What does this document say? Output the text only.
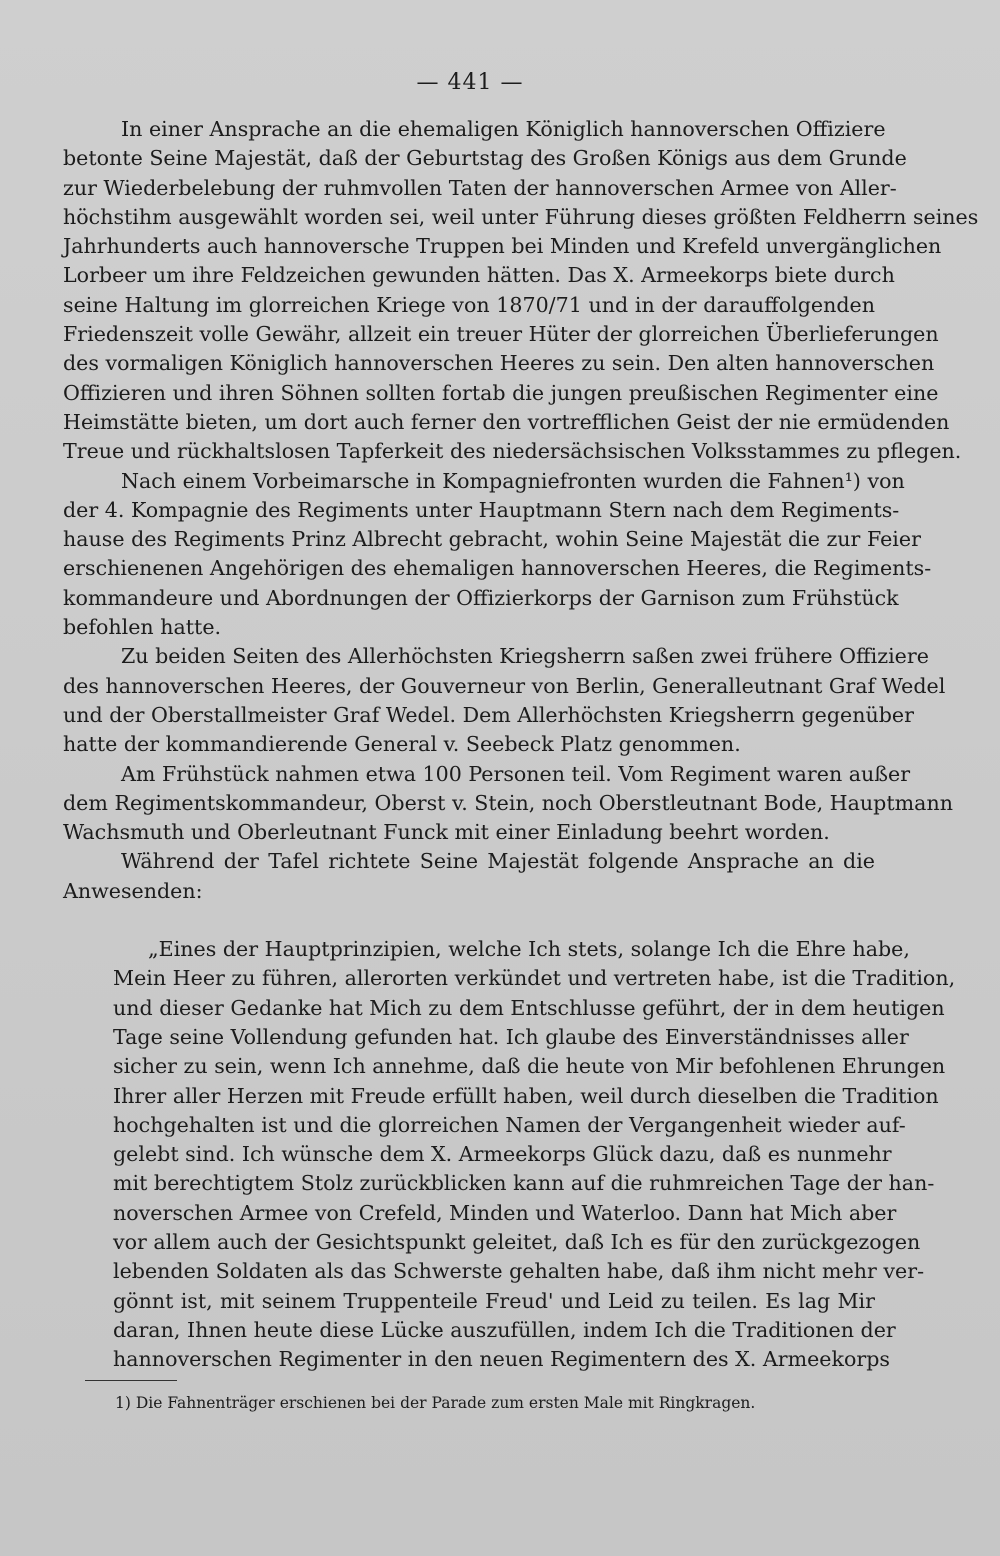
— 441 —

In einer Ansprache an die ehemaligen Königlich hannoverschen Offiziere
betonte Seine Majestät, daß der Geburtstag des Großen Königs aus dem Grunde
zur Wiederbelebung der ruhmvollen Taten der hannoverschen Armee von Aller-
höchstihm ausgewählt worden sei, weil unter Führung dieses größten Feldherrn seines
Jahrhunderts auch hannoversche Truppen bei Minden und Krefeld unvergänglichen
Lorbeer um ihre Feldzeichen gewunden hätten. Das X. Armeekorps biete durch
seine Haltung im glorreichen Kriege von 1870/71 und in der darauffolgenden
Friedenszeit volle Gewähr, allzeit ein treuer Hüter der glorreichen Überlieferungen
des vormaligen Königlich hannoverschen Heeres zu sein. Den alten hannoverschen
Offizieren und ihren Söhnen sollten fortab die jungen preußischen Regimenter eine
Heimstätte bieten, um dort auch ferner den vortrefflichen Geist der nie ermüdenden
Treue und rückhaltslosen Tapferkeit des niedersächsischen Volksstammes zu pflegen.

Nach einem Vorbeimarsche in Kompagniefronten wurden die Fahnen¹) von
der 4. Kompagnie des Regiments unter Hauptmann Stern nach dem Regiments-
hause des Regiments Prinz Albrecht gebracht, wohin Seine Majestät die zur Feier
erschienenen Angehörigen des ehemaligen hannoverschen Heeres, die Regiments-
kommandeure und Abordnungen der Offizierkorps der Garnison zum Frühstück
befohlen hatte.

Zu beiden Seiten des Allerhöchsten Kriegsherrn saßen zwei frühere Offiziere
des hannoverschen Heeres, der Gouverneur von Berlin, Generalleutnant Graf Wedel
und der Oberstallmeister Graf Wedel. Dem Allerhöchsten Kriegsherrn gegenüber
hatte der kommandierende General v. Seebeck Platz genommen.

Am Frühstück nahmen etwa 100 Personen teil. Vom Regiment waren außer
dem Regimentskommandeur, Oberst v. Stein, noch Oberstleutnant Bode, Hauptmann
Wachsmuth und Oberleutnant Funck mit einer Einladung beehrt worden.

Während der Tafel richtete Seine Majestät folgende Ansprache an die
Anwesenden:

„Eines der Hauptprinzipien, welche Ich stets, solange Ich die Ehre habe,
Mein Heer zu führen, allerorten verkündet und vertreten habe, ist die Tradition,
und dieser Gedanke hat Mich zu dem Entschlusse geführt, der in dem heutigen
Tage seine Vollendung gefunden hat. Ich glaube des Einverständnisses aller
sicher zu sein, wenn Ich annehme, daß die heute von Mir befohlenen Ehrungen
Ihrer aller Herzen mit Freude erfüllt haben, weil durch dieselben die Tradition
hochgehalten ist und die glorreichen Namen der Vergangenheit wieder auf-
gelebt sind. Ich wünsche dem X. Armeekorps Glück dazu, daß es nunmehr
mit berechtigtem Stolz zurückblicken kann auf die ruhmreichen Tage der han-
noverschen Armee von Crefeld, Minden und Waterloo. Dann hat Mich aber
vor allem auch der Gesichtspunkt geleitet, daß Ich es für den zurückgezogen
lebenden Soldaten als das Schwerste gehalten habe, daß ihm nicht mehr ver-
gönnt ist, mit seinem Truppenteile Freud' und Leid zu teilen. Es lag Mir
daran, Ihnen heute diese Lücke auszufüllen, indem Ich die Traditionen der
hannoverschen Regimenter in den neuen Regimentern des X. Armeekorps

1) Die Fahnenträger erschienen bei der Parade zum ersten Male mit Ringkragen.
